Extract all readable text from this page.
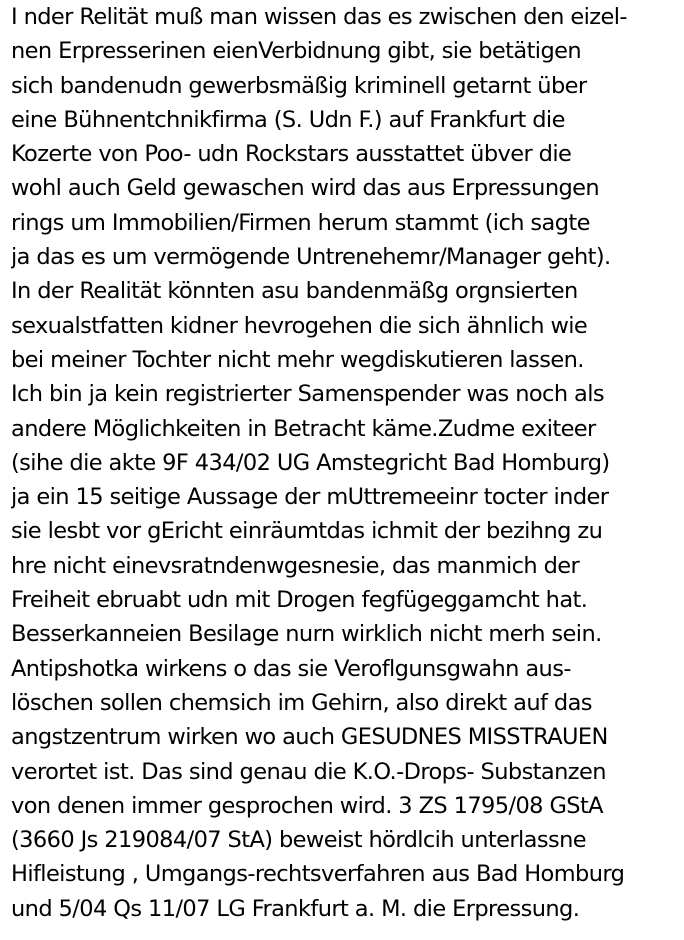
I nder Relität muß man wissen das es zwischen den eizel-
nen Erpresserinen eienVerbidnung gibt, sie betätigen
sich bandenudn gewerbsmäßig kriminell getarnt über
eine Bühnentchnikfirma (S. Udn F.) auf Frankfurt die
Kozerte von Poo- udn Rockstars ausstattet übver die
wohl auch Geld gewaschen wird das aus Erpressungen
rings um Immobilien/Firmen herum stammt (ich sagte
ja das es um vermögende Untrenehemr/Manager geht).
In der Realität könnten asu bandenmäßg orgnsierten
sexualstfatten kidner hevrogehen die sich ähnlich wie
bei meiner Tochter nicht mehr wegdiskutieren lassen.
Ich bin ja kein registrierter Samenspender was noch als
andere Möglichkeiten in Betracht käme.Zudme exiteer
(sihe die akte 9F 434/02 UG Amstegricht Bad Homburg)
ja ein 15 seitige Aussage der mUttremeeinr tocter inder
sie lesbt vor gEricht einräumtdas ichmit der bezihng zu
hre nicht einevsratndenwgesnesie, das manmich der
Freiheit ebruabt udn mit Drogen fegfügeggamcht hat.
Besserkanneien Besilage nurn wirklich nicht merh sein.
Antipshotka wirkens o das sie Veroflgunsgwahn aus-
löschen sollen chemsich im Gehirn, also direkt auf das
angstzentrum wirken wo auch GESUDNES MISSTRAUEN
verortet ist. Das sind genau die K.O.-Drops- Substanzen
von denen immer gesprochen wird. 3 ZS 1795/08 GStA
(3660 Js 219084/07 StA) beweist hördlcih unterlassne
Hifleistung , Umgangs-rechtsverfahren aus Bad Homburg
und 5/04 Qs 11/07 LG Frankfurt a. M. die Erpressung.
